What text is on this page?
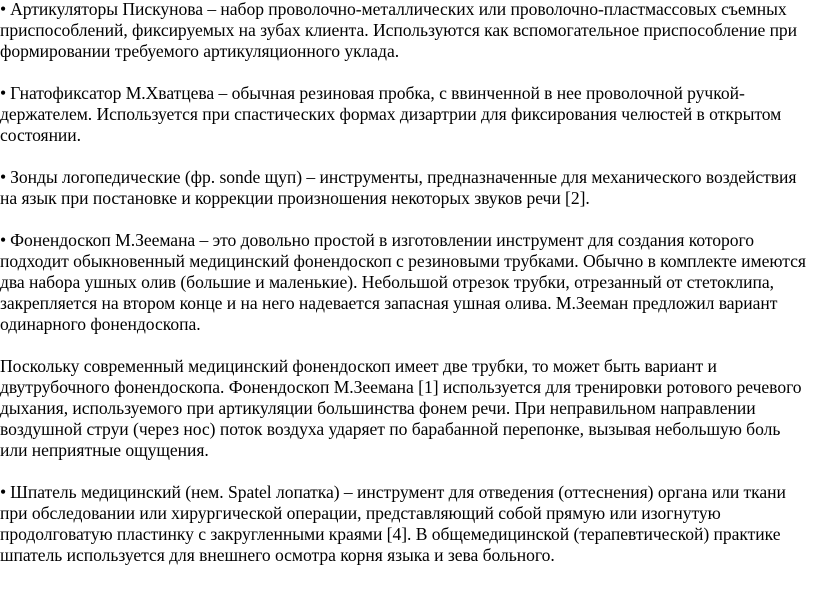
• Артикуляторы Пискунова – набор проволочно-металлических или проволочно-пластмассовых съемных приспособлений, фиксируемых на зубах клиента. Используются как вспомогательное приспособление при формировании требуемого артикуляционного уклада.

• Гнатофиксатор М.Хватцева – обычная резиновая пробка, с ввинченной в нее проволочной ручкой-держателем. Используется при спастических формах дизартрии для фиксирования челюстей в открытом состоянии.

• Зонды логопедические (фр. sonde щуп) – инструменты, предназначенные для механического воздействия на язык при постановке и коррекции произношения некоторых звуков речи [2].

• Фонендоскоп М.Зеемана – это довольно простой в изготовлении инструмент для создания которого подходит обыкновенный медицинский фонендоскоп с резиновыми трубками. Обычно в комплекте имеются два набора ушных олив (большие и маленькие). Небольшой отрезок трубки, отрезанный от стетоклипа, закрепляется на втором конце и на него надевается запасная ушная олива. М.Зееман предложил вариант одинарного фонендоскопа.

Поскольку современный медицинский фонендоскоп имеет две трубки, то может быть вариант и двутрубочного фонендоскопа. Фонендоскоп М.Зеемана [1] используется для тренировки ротового речевого дыхания, используемого при артикуляции большинства фонем речи. При неправильном направлении воздушной струи (через нос) поток воздуха ударяет по барабанной перепонке, вызывая небольшую боль или неприятные ощущения.

• Шпатель медицинский (нем. Spatel лопатка) – инструмент для отведения (оттеснения) органа или ткани при обследовании или хирургической операции, представляющий собой прямую или изогнутую продолговатую пластинку с закругленными краями [4]. В общемедицинской (терапевтической) практике шпатель используется для внешнего осмотра корня языка и зева больного.
